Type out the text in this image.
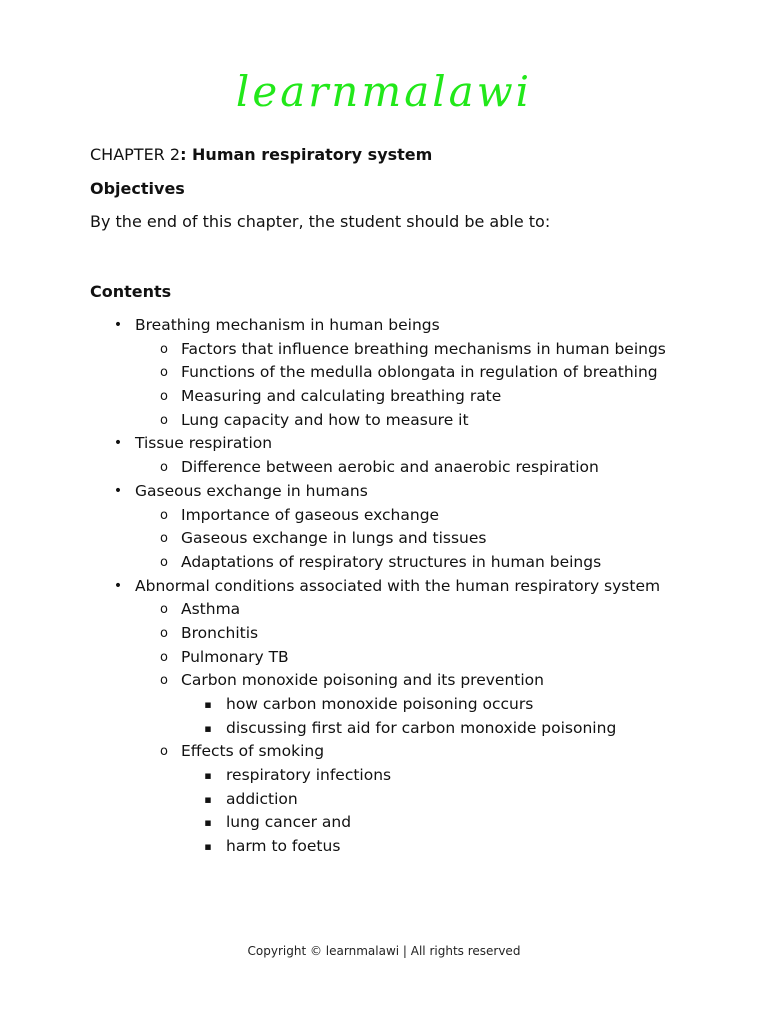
learnmalawi
CHAPTER 2: Human respiratory system
Objectives
By the end of this chapter, the student should be able to:
Contents
• Breathing mechanism in human beings
o Factors that influence breathing mechanisms in human beings
o Functions of the medulla oblongata in regulation of breathing
o Measuring and calculating breathing rate
o Lung capacity and how to measure it
• Tissue respiration
o Difference between aerobic and anaerobic respiration
• Gaseous exchange in humans
o Importance of gaseous exchange
o Gaseous exchange in lungs and tissues
o Adaptations of respiratory structures in human beings
• Abnormal conditions associated with the human respiratory system
o Asthma
o Bronchitis
o Pulmonary TB
o Carbon monoxide poisoning and its prevention
▪ how carbon monoxide poisoning occurs
▪ discussing first aid for carbon monoxide poisoning
o Effects of smoking
▪ respiratory infections
▪ addiction
▪ lung cancer and
▪ harm to foetus
Copyright © learnmalawi | All rights reserved
